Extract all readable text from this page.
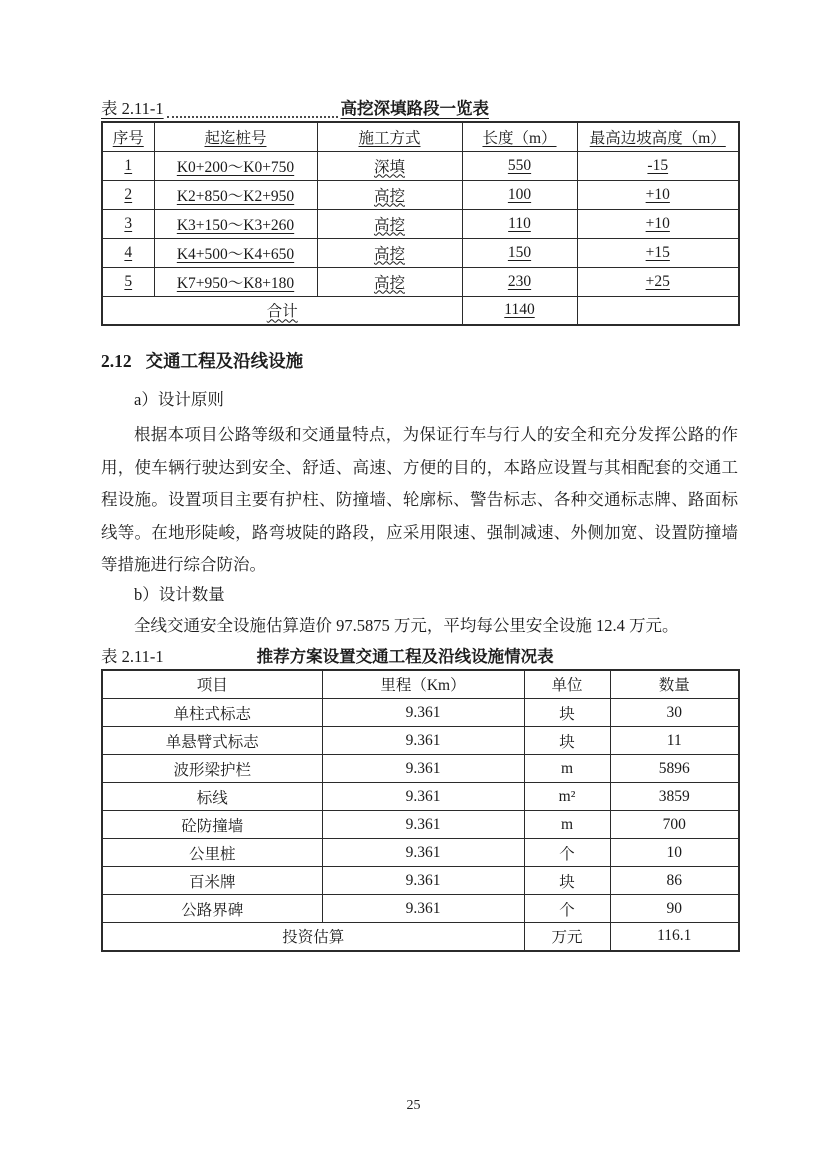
表 2.11-1	高挖深填路段一览表
序号	起迄桩号	施工方式	长度（m）	最高边坡高度（m）
1	K0+200～K0+750	深填	550	-15
2	K2+850～K2+950	高挖	100	+10
3	K3+150～K3+260	高挖	110	+10
4	K4+500～K4+650	高挖	150	+15
5	K7+950～K8+180	高挖	230	+25
合计			1140	
2.12 交通工程及沿线设施
a）设计原则
根据本项目公路等级和交通量特点，为保证行车与行人的安全和充分发挥公路的作用，使车辆行驶达到安全、舒适、高速、方便的目的，本路应设置与其相配套的交通工程设施。设置项目主要有护柱、防撞墙、轮廓标、警告标志、各种交通标志牌、路面标线等。在地形陡峻，路弯坡陡的路段，应采用限速、强制减速、外侧加宽、设置防撞墙等措施进行综合防治。
b）设计数量
全线交通安全设施估算造价 97.5875 万元，平均每公里安全设施 12.4 万元。
表 2.11-1	推荐方案设置交通工程及沿线设施情况表
项目	里程（Km）	单位	数量
单柱式标志	9.361	块	30
单悬臂式标志	9.361	块	11
波形梁护栏	9.361	m	5896
标线	9.361	m²	3859
砼防撞墙	9.361	m	700
公里桩	9.361	个	10
百米牌	9.361	块	86
公路界碑	9.361	个	90
投资估算		万元	116.1
25
